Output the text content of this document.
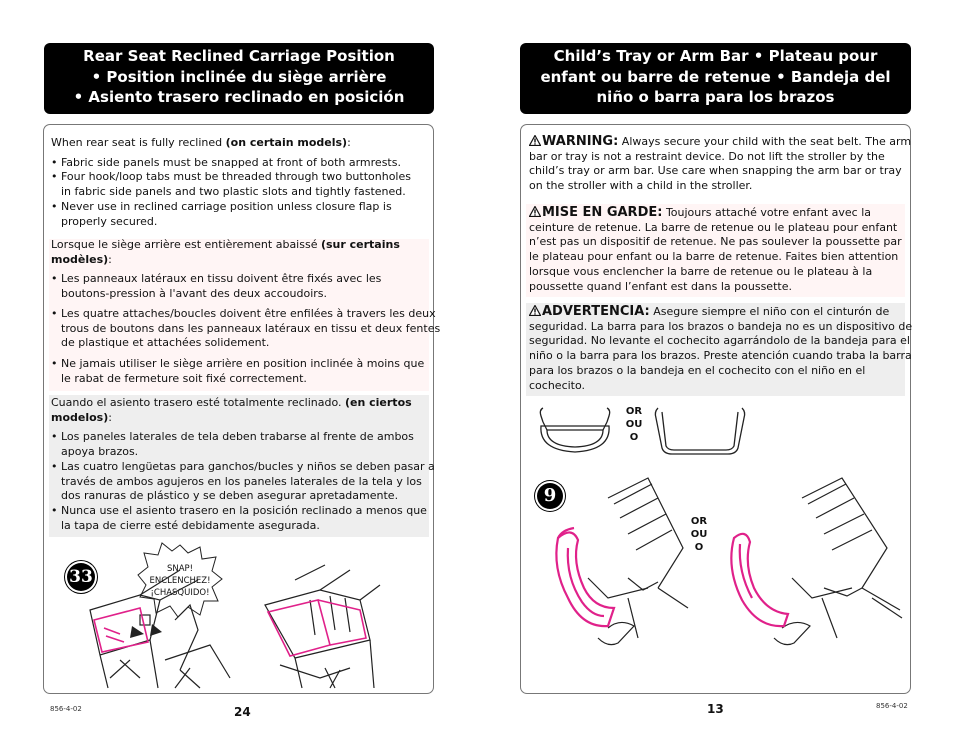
Rear Seat Reclined Carriage Position
• Position inclinée du siège arrière
• Asiento trasero reclinado en posición

When rear seat is fully reclined (on certain models):

• Fabric side panels must be snapped at front of both armrests.

• Four hook/loop tabs must be threaded through two buttonholes

in fabric side panels and two plastic slots and tightly fastened.

• Never use in reclined carriage position unless closure flap is

properly secured.

Lorsque le siège arrière est entièrement abaissé (sur certains

modèles):

• Les panneaux latéraux en tissu doivent être fixés avec les

boutons-pression à l'avant des deux accoudoirs.

• Les quatre attaches/boucles doivent être enfilées à travers les deux

trous de boutons dans les panneaux latéraux en tissu et deux fentes

de plastique et attachées solidement.

• Ne jamais utiliser le siège arrière en position inclinée à moins que

le rabat de fermeture soit fixé correctement.

Cuando el asiento trasero esté totalmente reclinado. (en ciertos

modelos):

• Los paneles laterales de tela deben trabarse al frente de ambos

apoya brazos.

• Las cuatro lengüetas para ganchos/bucles y niños se deben pasar a

través de ambos agujeros en los paneles laterales de la tela y los

dos ranuras de plástico y se deben asegurar apretadamente.

• Nunca use el asiento trasero en la posición reclinado a menos que

la tapa de cierre esté debidamente asegurada.

33	SNAP!

ENCLENCHEZ!

¡CHASQUIDO!

24
856-4-02
Child’s Tray or Arm Bar • Plateau pour
enfant ou barre de retenue • Bandeja del
niño o barra para los brazos

WARNING: Always secure your child with the seat belt. The arm

bar or tray is not a restraint device. Do not lift the stroller by the

child’s tray or arm bar. Use care when snapping the arm bar or tray

on the stroller with a child in the stroller.

MISE EN GARDE: Toujours attaché votre enfant avec la

ceinture de retenue. La barre de retenue ou le plateau pour enfant

n’est pas un dispositif de retenue. Ne pas soulever la poussette par

le plateau pour enfant ou la barre de retenue. Faites bien attention

lorsque vous enclencher la barre de retenue ou le plateau à la

poussette quand l’enfant est dans la poussette.

ADVERTENCIA: Asegure siempre el niño con el cinturón de

seguridad. La barra para los brazos o bandeja no es un dispositivo de

seguridad. No levante el cochecito agarrándolo de la bandeja para el

niño o la barra para los brazos. Preste atención cuando traba la barra

para los brazos o la bandeja en el cochecito con el niño en el

cochecito.

OR
OU
O
9
OR
OU
O
13	856-4-02
